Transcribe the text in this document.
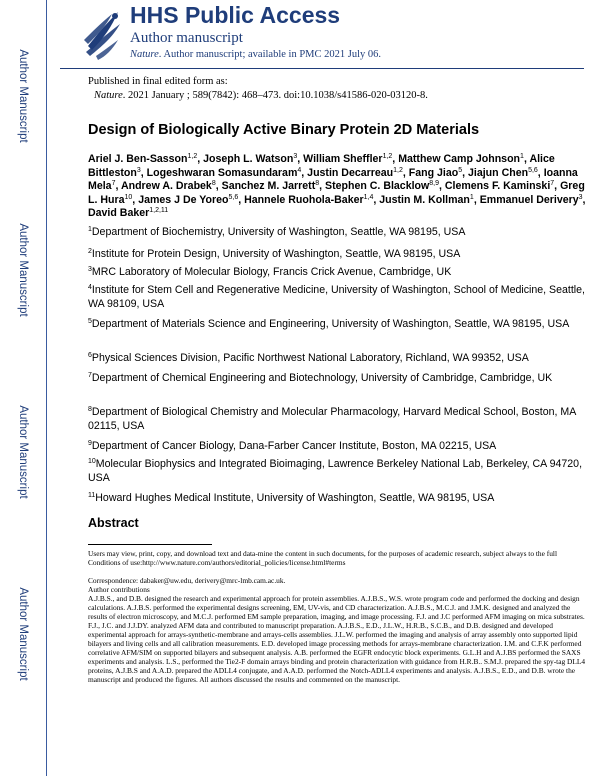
Author Manuscript
Author Manuscript
Author Manuscript
Author Manuscript
HHS Public Access
Author manuscript
Nature. Author manuscript; available in PMC 2021 July 06.
Published in final edited form as:
Nature. 2021 January ; 589(7842): 468–473. doi:10.1038/s41586-020-03120-8.
Design of Biologically Active Binary Protein 2D Materials
Ariel J. Ben-Sasson$^{1,2}$, Joseph L. Watson$^3$, William Sheffler$^{1,2}$, Matthew Camp Johnson$^1$, Alice Bittleston$^3$, Logeshwaran Somasundaram$^4$, Justin Decarreau$^{1,2}$, Fang Jiao$^5$, Jiajun Chen$^{5,6}$, Ioanna Mela$^7$, Andrew A. Drabek$^8$, Sanchez M. Jarrett$^8$, Stephen C. Blacklow$^{8,9}$, Clemens F. Kaminski$^7$, Greg L. Hura$^{10}$, James J De Yoreo$^{5,6}$, Hannele Ruohola-Baker$^{1,4}$, Justin M. Kollman$^1$, Emmanuel Derivery$^3$, David Baker$^{1,2,11}$
$^1$Department of Biochemistry, University of Washington, Seattle, WA 98195, USA
$^2$Institute for Protein Design, University of Washington, Seattle, WA 98195, USA
$^3$MRC Laboratory of Molecular Biology, Francis Crick Avenue, Cambridge, UK
$^4$Institute for Stem Cell and Regenerative Medicine, University of Washington, School of Medicine, Seattle, WA 98109, USA
$^5$Department of Materials Science and Engineering, University of Washington, Seattle, WA 98195, USA
$^6$Physical Sciences Division, Pacific Northwest National Laboratory, Richland, WA 99352, USA
$^7$Department of Chemical Engineering and Biotechnology, University of Cambridge, Cambridge, UK
$^8$Department of Biological Chemistry and Molecular Pharmacology, Harvard Medical School, Boston, MA 02115, USA
$^9$Department of Cancer Biology, Dana-Farber Cancer Institute, Boston, MA 02215, USA
$^{10}$Molecular Biophysics and Integrated Bioimaging, Lawrence Berkeley National Lab, Berkeley, CA 94720, USA
$^{11}$Howard Hughes Medical Institute, University of Washington, Seattle, WA 98195, USA
Abstract
Users may view, print, copy, and download text and data-mine the content in such documents, for the purposes of academic research, subject always to the full Conditions of use:http://www.nature.com/authors/editorial_policies/license.html#terms
Correspondence: dabaker@uw.edu, derivery@mrc-lmb.cam.ac.uk.
Author contributions
A.J.B.S., and D.B. designed the research and experimental approach for protein assemblies. A.J.B.S., W.S. wrote program code and performed the docking and design calculations. A.J.B.S. performed the experimental designs screening, EM, UV-vis, and CD characterization. A.J.B.S., M.C.J. and J.M.K. designed and analyzed the results of electron microscopy, and M.C.J. performed EM sample preparation, imaging, and image processing. F.J. and J.C performed AFM imaging on mica substrates. F.J., J.C. and J.J.DY. analyzed AFM data and contributed to manuscript preparation. A.J.B.S., E.D., J.L.W., H.R.B., S.C.B., and D.B. designed and developed experimental approach for arrays-synthetic-membrane and arrays-cells assemblies. J.L.W. performed the imaging and analysis of array assembly onto supported lipid bilayers and living cells and all calibration measurements. E.D. developed image processing methods for arrays-membrane characterization. I.M. and C.F.K performed correlative AFM/SIM on supported bilayers and subsequent analysis. A.B. performed the EGFR endocytic block experiments. G.L.H and A.J.BS performed the SAXS experiments and analysis. L.S., performed the Tie2-F domain arrays binding and protein characterization with guidance from H.R.B.. S.M.J. prepared the spy-tag DLL4 proteins, A.J.B.S and A.A.D. prepared the ADLL4 conjugate, and A.A.D. performed the Notch-ADLL4 experiments and analysis. A.J.B.S., E.D., and D.B. wrote the manuscript and produced the figures. All authors discussed the results and commented on the manuscript.
